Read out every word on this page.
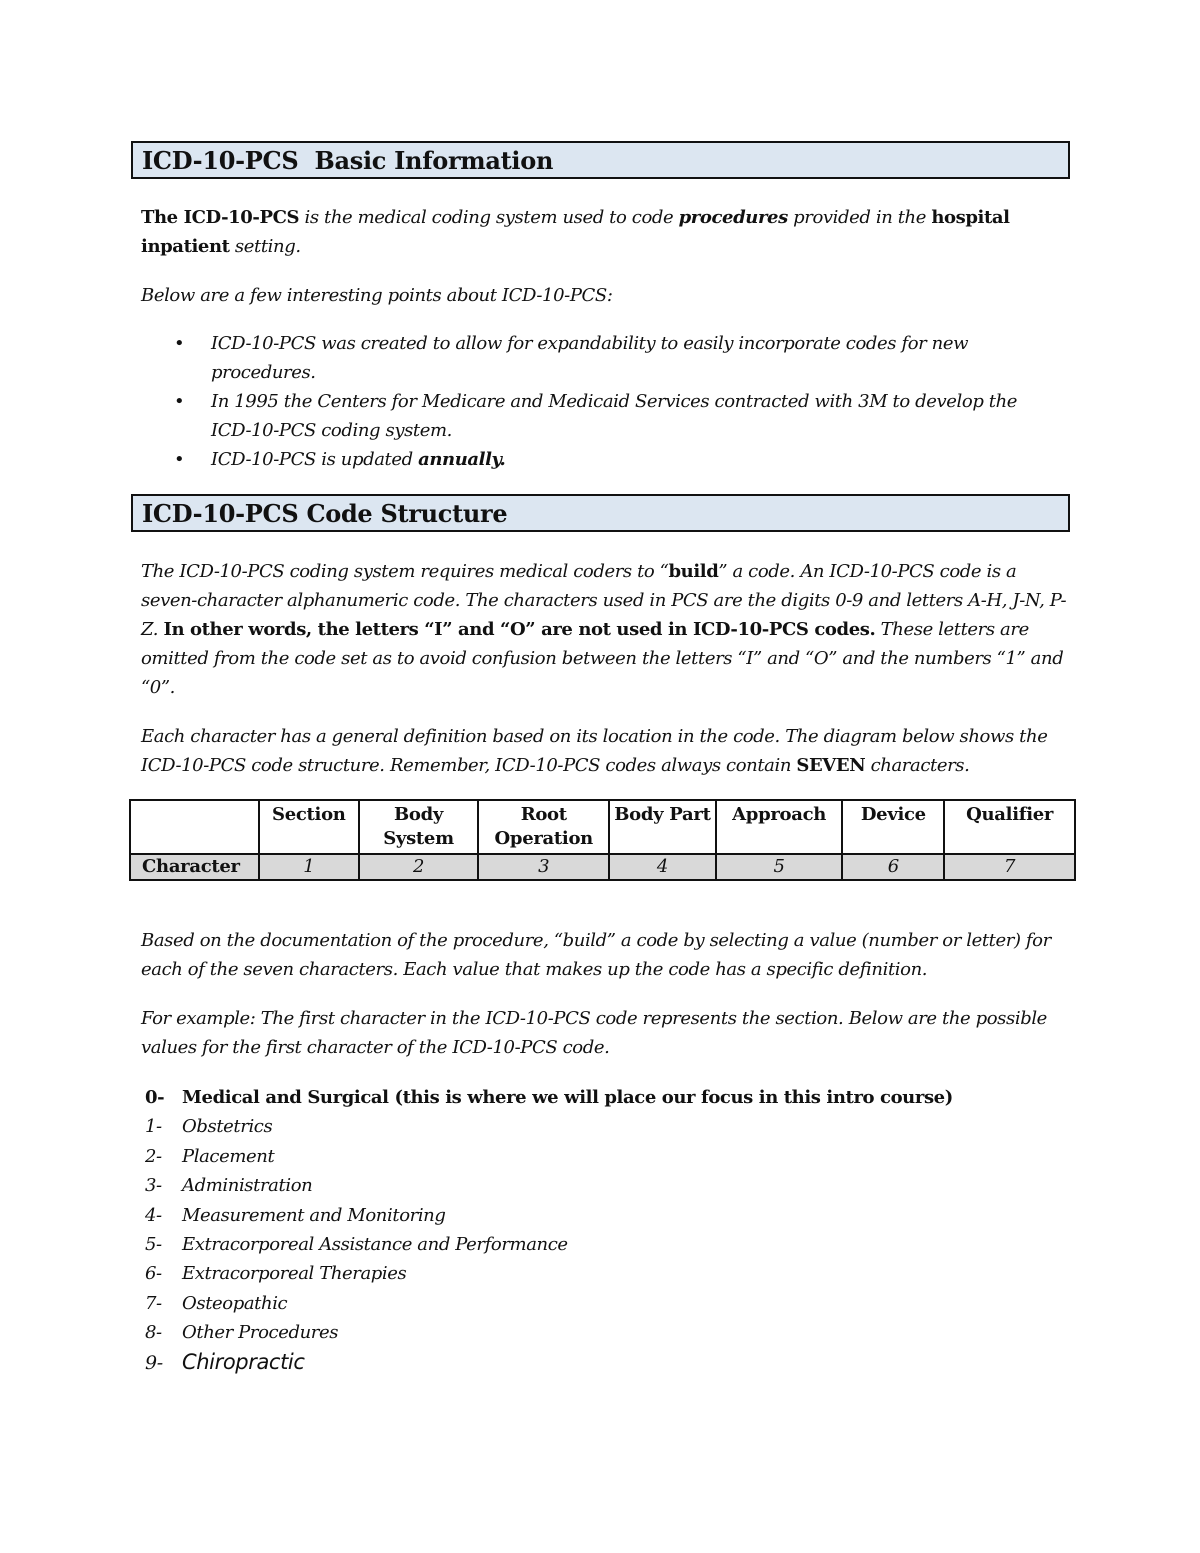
ICD-10-PCS  Basic Information

The ICD-10-PCS is the medical coding system used to code procedures provided in the hospital inpatient setting.

Below are a few interesting points about ICD-10-PCS:

• ICD-10-PCS was created to allow for expandability to easily incorporate codes for new procedures.
• In 1995 the Centers for Medicare and Medicaid Services contracted with 3M to develop the ICD-10-PCS coding system.
• ICD-10-PCS is updated annually.
ICD-10-PCS Code Structure

The ICD-10-PCS coding system requires medical coders to “build” a code. An ICD-10-PCS code is a seven-character alphanumeric code. The characters used in PCS are the digits 0-9 and letters A-H, J-N, P-Z. In other words, the letters “I” and “O” are not used in ICD-10-PCS codes. These letters are omitted from the code set as to avoid confusion between the letters “I” and “O” and the numbers “1” and “0”.

Each character has a general definition based on its location in the code. The diagram below shows the ICD-10-PCS code structure. Remember, ICD-10-PCS codes always contain SEVEN characters.

	Section	Body System	Root Operation	Body Part	Approach	Device	Qualifier
Character	1	2	3	4	5	6	7

Based on the documentation of the procedure, “build” a code by selecting a value (number or letter) for each of the seven characters. Each value that makes up the code has a specific definition.

For example: The first character in the ICD-10-PCS code represents the section. Below are the possible values for the first character of the ICD-10-PCS code.

0- Medical and Surgical (this is where we will place our focus in this intro course)
1- Obstetrics
2- Placement
3- Administration
4- Measurement and Monitoring
5- Extracorporeal Assistance and Performance
6- Extracorporeal Therapies
7- Osteopathic
8- Other Procedures
9- Chiropractic
